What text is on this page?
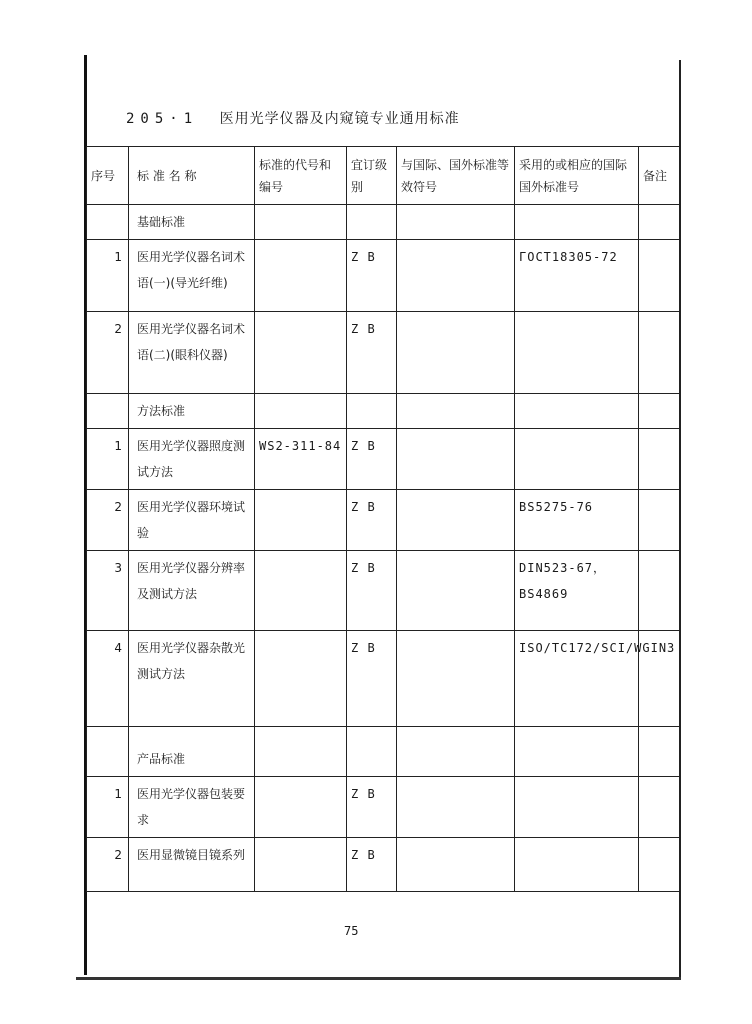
205·1 医用光学仪器及内窥镜专业通用标准
序号	标 准 名 称	标准的代号和编号	宜订级别	与国际、国外标准等效符号	采用的或相应的国际国外标准号	备注
	基础标准					
1	医用光学仪器名词术语(一)(导光纤维)		Z B		ГОСТ18305-72	
2	医用光学仪器名词术语(二)(眼科仪器)		Z B			
	方法标准					
1	医用光学仪器照度测试方法	WS2-311-84	Z B			
2	医用光学仪器环境试验		Z B		BS5275-76	
3	医用光学仪器分辨率及测试方法		Z B		DIN523-67，BS4869	
4	医用光学仪器杂散光测试方法		Z B		ISO/TC172/SCI/WGIN3	
	产品标准					
1	医用光学仪器包装要求		Z B			
2	医用显微镜目镜系列		Z B			
75
